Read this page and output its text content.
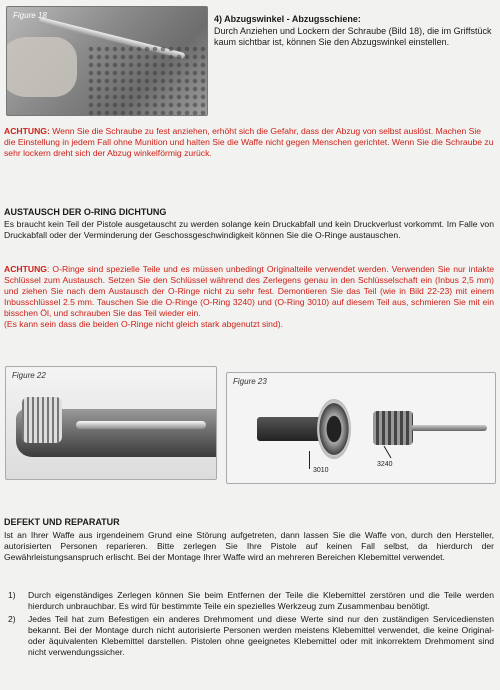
Figure 18	4) Abzugswinkel - Abzugsschiene:
Durch Anziehen und Lockern der Schraube (Bild 18), die im Griffstück kaum sichtbar ist, können Sie den Abzugswinkel einstellen.
ACHTUNG: Wenn Sie die Schraube zu fest anziehen, erhöht sich die Gefahr, dass der Abzug von selbst auslöst. Machen Sie die Einstellung in jedem Fall ohne Munition und halten Sie die Waffe nicht gegen Menschen gerichtet. Wenn Sie die Schraube zu sehr lockern dreht sich der Abzug winkelförmig zurück.
AUSTAUSCH DER O-RING DICHTUNG
Es braucht kein Teil der Pistole ausgetauscht zu werden solange kein Druckabfall und kein Druckverlust vorkommt. Im Falle von Druckabfall oder der Verminderung der Geschossgeschwindigkeit können Sie die O-Ringe austauschen.
ACHTUNG: O-Ringe sind spezielle Teile und es müssen unbedingt Originalteile verwendet werden. Verwenden Sie nur intakte Schlüssel zum Austausch. Setzen Sie den Schlüssel während des Zerlegens genau in den Schlüsselschaft ein (Inbus 2,5 mm) und ziehen Sie nach dem Austausch der O-Ringe nicht zu sehr fest. Demontieren Sie das Teil (wie in Bild 22-23) mit einem Inbusschlüssel 2.5 mm. Tauschen Sie die O-Ringe (O-Ring 3240) und (O-Ring 3010) auf diesem Teil aus, schmieren Sie mit ein bisschen Öl, und schrauben Sie das Teil wieder ein.
(Es kann sein dass die beiden O-Ringe nicht gleich stark abgenutzt sind).
Figure 22
Figure 23
3010
3240
DEFEKT UND REPARATUR
Ist an Ihrer Waffe aus irgendeinem Grund eine Störung aufgetreten, dann lassen Sie die Waffe von, durch den Hersteller, autorisierten Personen reparieren. Bitte zerlegen Sie Ihre Pistole auf keinen Fall selbst, da hierdurch der Gewährleistungsanspruch erlischt. Bei der Montage Ihrer Waffe wird an mehreren Bereichen Klebemittel verwendet.
1)	Durch eigenständiges Zerlegen können Sie beim Entfernen der Teile die Klebemittel zerstören und die Teile werden hierdurch unbrauchbar. Es wird für bestimmte Teile ein spezielles Werkzeug zum Zusammenbau benötigt.
2)	Jedes Teil hat zum Befestigen ein anderes Drehmoment und diese Werte sind nur den zuständigen Servicediensten bekannt. Bei der Montage durch nicht autorisierte Personen werden meistens Klebemittel verwendet, die keine Original- oder äquivalenten Klebemittel darstellen. Pistolen ohne geeignetes Klebemittel oder mit inkorrektem Drehmoment sind nicht verwendungssicher.
